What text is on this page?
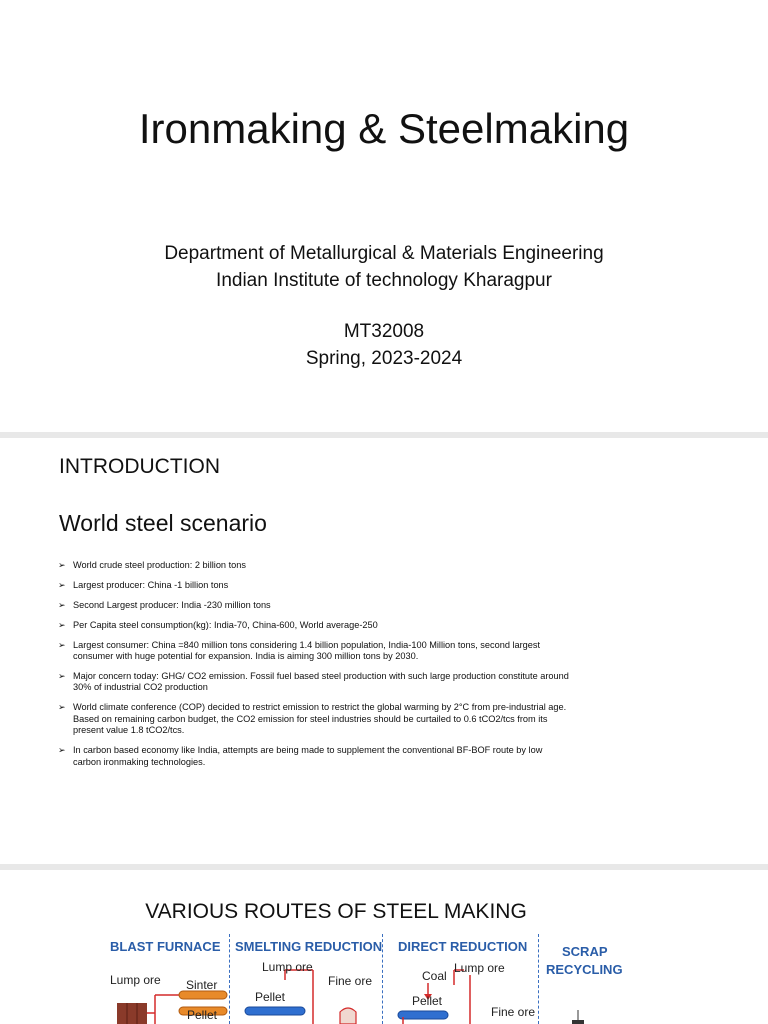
Ironmaking & Steelmaking
Department of Metallurgical & Materials Engineering
Indian Institute of technology Kharagpur
MT32008
Spring, 2023-2024
INTRODUCTION
World steel scenario
➢ World crude steel production: 2 billion tons
➢ Largest producer: China -1 billion tons
➢ Second Largest producer: India -230 million tons
➢ Per Capita steel consumption(kg): India-70, China-600, World average-250
➢ Largest consumer: China =840 million tons considering 1.4 billion population, India-100 Million tons, second largest consumer with huge potential for expansion. India is aiming 300 million tons by 2030.
➢ Major concern today: GHG/ CO2 emission. Fossil fuel based steel production with such large production constitute around 30% of industrial CO2 production
➢ World climate conference (COP) decided to restrict emission to restrict the global warming by 2°C from pre-industrial age. Based on remaining carbon budget, the CO2 emission for steel industries should be curtailed to 0.6 tCO2/tcs from its present value 1.8 tCO2/tcs.
➢ In carbon based economy like India, attempts are being made to supplement the conventional BF-BOF route by low carbon ironmaking technologies.
VARIOUS ROUTES OF STEEL MAKING
BLAST FURNACE SMELTING REDUCTION DIRECT REDUCTION	SCRAP
RECYCLING
Lump ore Sinter
Pellet
Lump ore
Pellet
Fine ore	Coal
Lump ore
Pellet
Fine ore
